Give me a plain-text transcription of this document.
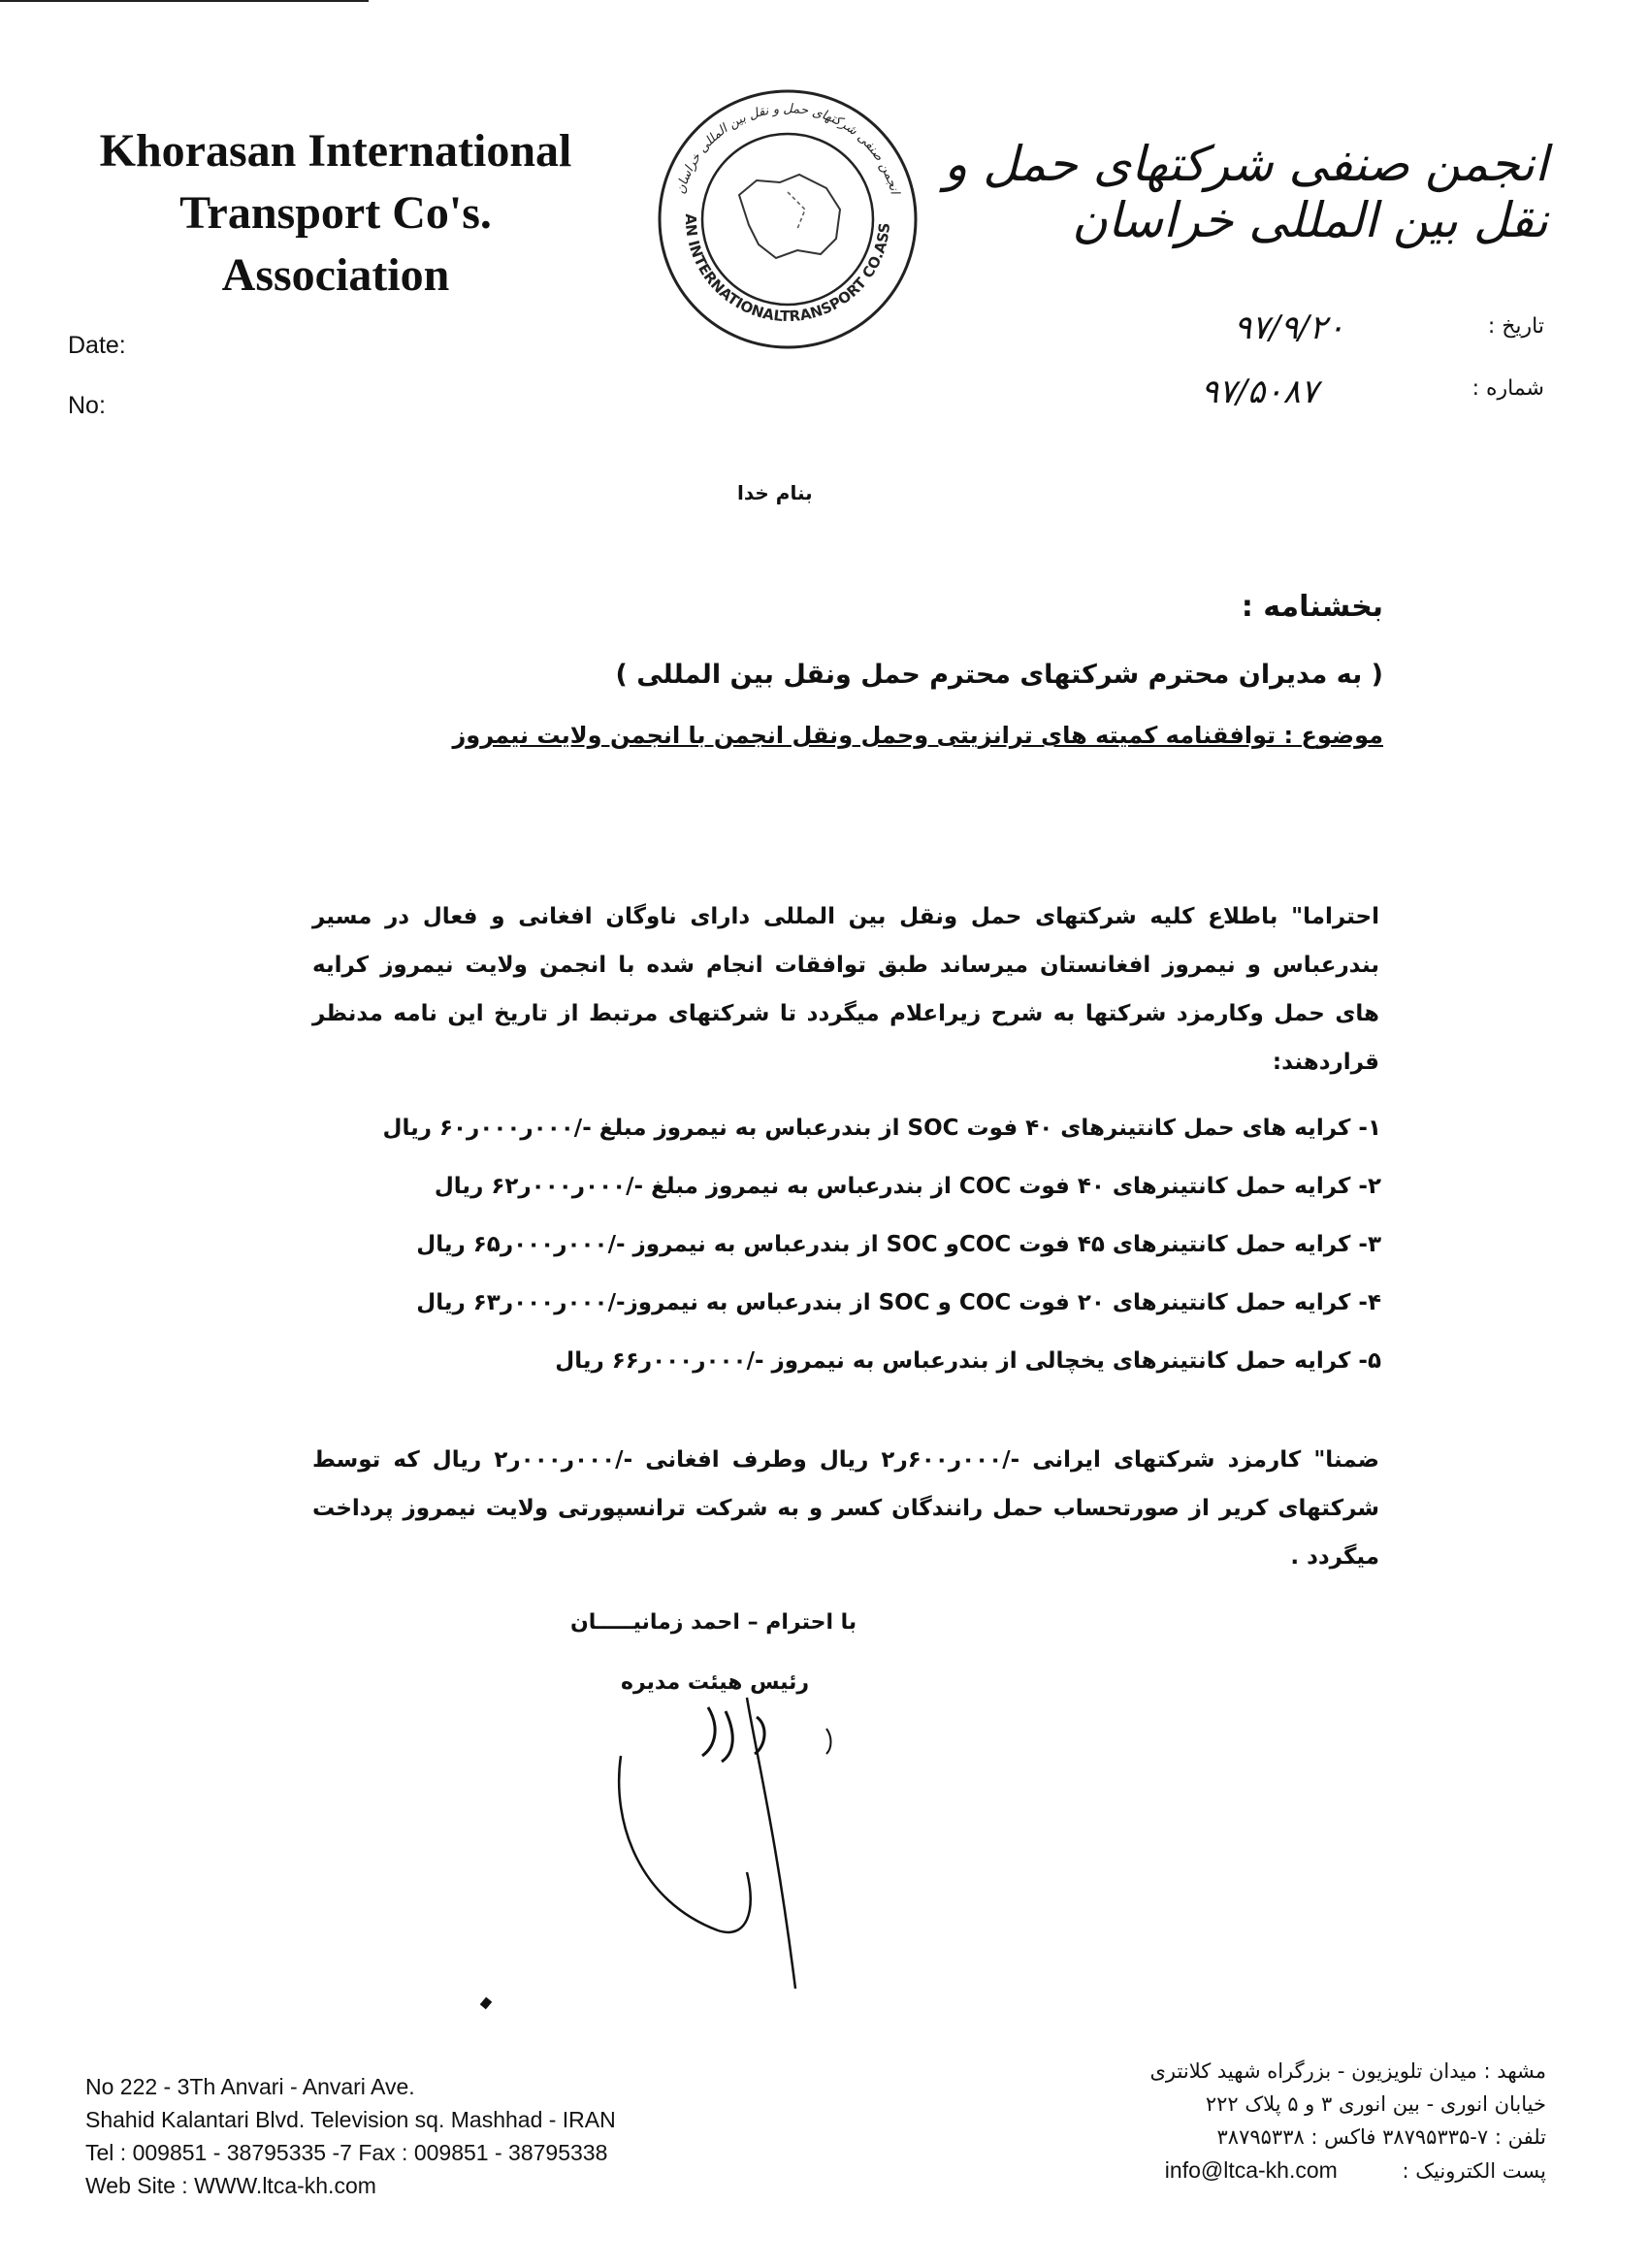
Khorasan International
Transport Co's. Association
AN INTERNATIONALTRANSPORT CO.ASS
انجمن صنفی شرکتهای حمل و نقل بین المللی خراسان
انجمن صنفی شرکتهای حمل و نقل بین المللی خراسان
Date:
No:
تاریخ :
شماره :
۹۷/۹/۲۰
۹۷/۵۰۸۷
بنام خدا
بخشنامه :
( به مدیران محترم شرکتهای محترم حمل ونقل بین المللی )
موضوع : توافقنامه کمیته های ترانزیتی وحمل ونقل انجمن با انجمن ولایت نیمروز
احتراما" باطلاع کلیه شرکتهای حمل ونقل بین المللی دارای ناوگان افغانی و فعال در مسیر بندرعباس و نیمروز افغانستان میرساند طبق توافقات انجام شده با انجمن ولایت نیمروز کرایه های حمل وکارمزد شرکتها به شرح زیراعلام میگردد تا شرکتهای مرتبط از تاریخ این نامه مدنظر قراردهند:
۱- کرایه های حمل کانتینرهای ۴۰ فوت SOC از بندرعباس به نیمروز مبلغ -/۰۰۰ر۰۰۰ر۶۰ ریال
۲- کرایه حمل کانتینرهای ۴۰ فوت COC از بندرعباس به نیمروز مبلغ -/۰۰۰ر۰۰۰ر۶۲ ریال
۳- کرایه حمل کانتینرهای ۴۵ فوت COCو SOC از بندرعباس به نیمروز -/۰۰۰ر۰۰۰ر۶۵ ریال
۴- کرایه حمل کانتینرهای ۲۰ فوت COC و SOC از بندرعباس به نیمروز-/۰۰۰ر۰۰۰ر۶۳ ریال
۵- کرایه حمل کانتینرهای یخچالی از بندرعباس به نیمروز -/۰۰۰ر۰۰۰ر۶۶ ریال
ضمنا" کارمزد شرکتهای ایرانی -/۰۰۰ر۶۰۰ر۲ ریال وطرف افغانی -/۰۰۰ر۰۰۰ر۲ ریال که توسط شرکتهای کریر از صورتحساب حمل رانندگان کسر و به شرکت ترانسپورتی ولایت نیمروز پرداخت میگردد .
با احترام – احمد زمانیـــــان
رئیس هیئت مدیره
No 222 - 3Th Anvari - Anvari Ave.
Shahid Kalantari Blvd. Television sq. Mashhad - IRAN
Tel : 009851 - 38795335 -7 Fax : 009851 - 38795338
Web Site : WWW.ltca-kh.com
مشهد : میدان تلویزیون - بزرگراه شهید کلانتری
خیابان انوری - بین انوری ۳ و ۵ پلاک ۲۲۲
تلفن : ۷-۳۸۷۹۵۳۳۵ فاکس : ۳۸۷۹۵۳۳۸
پست الکترونیک : info@ltca-kh.com
